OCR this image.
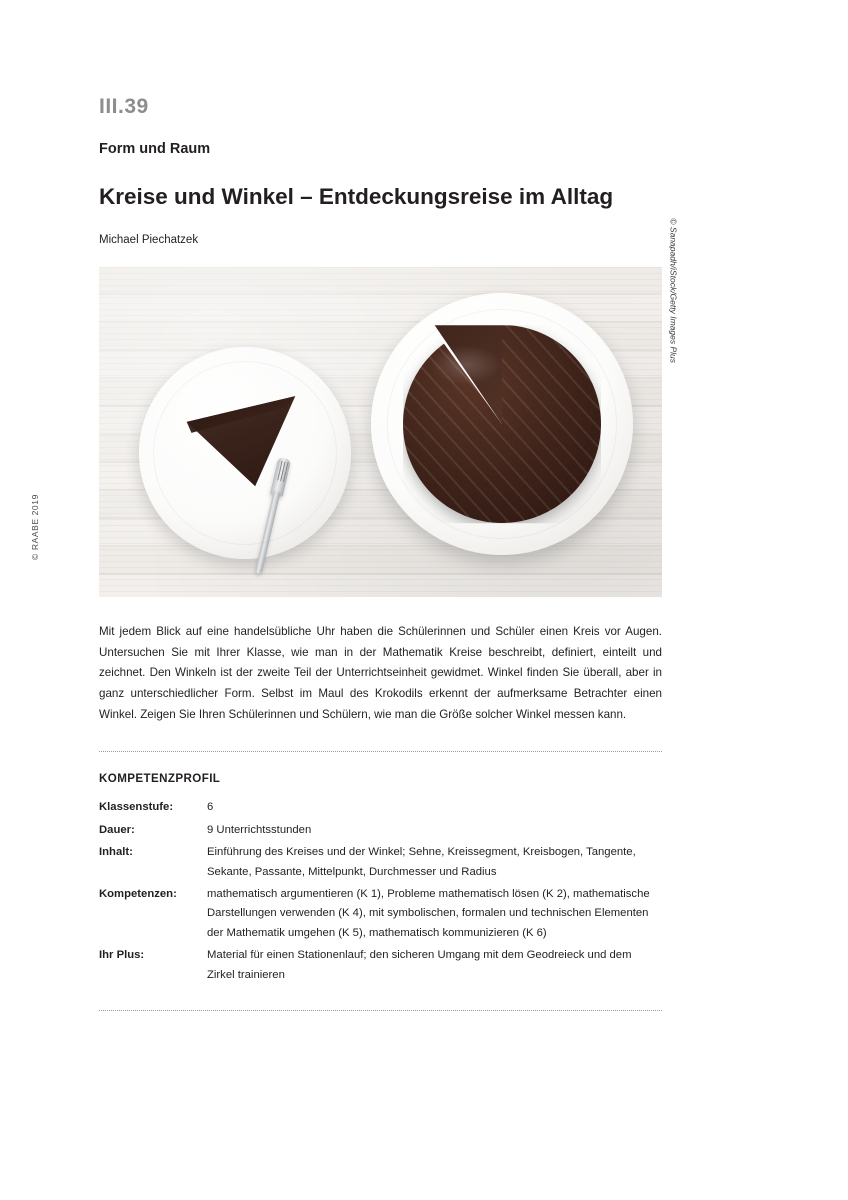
© RAABE 2019
III.39
Form und Raum
Kreise und Winkel – Entdeckungsreise im Alltag
Michael Piechatzek	© Sanapadh/iStock/Getty Images Plus

Mit jedem Blick auf eine handelsübliche Uhr haben die Schülerinnen und Schüler einen Kreis vor Augen. Untersuchen Sie mit Ihrer Klasse, wie man in der Mathematik Kreise beschreibt, definiert, einteilt und zeichnet. Den Winkeln ist der zweite Teil der Unterrichtseinheit gewidmet. Winkel finden Sie überall, aber in ganz unterschiedlicher Form. Selbst im Maul des Krokodils erkennt der aufmerksame Betrachter einen Winkel. Zeigen Sie Ihren Schülerinnen und Schülern, wie man die Größe solcher Winkel messen kann.

KOMPETENZPROFIL
Klassenstufe:	6
Dauer:	9 Unterrichtsstunden
Inhalt:	Einführung des Kreises und der Winkel; Sehne, Kreissegment, Kreisbogen, Tangente, Sekante, Passante, Mittelpunkt, Durchmesser und Radius
Kompetenzen:	mathematisch argumentieren (K 1), Probleme mathematisch lösen (K 2), mathematische Darstellungen verwenden (K 4), mit symbolischen, formalen und technischen Elementen der Mathematik umgehen (K 5), mathematisch kommunizieren (K 6)
Ihr Plus:	Material für einen Stationenlauf; den sicheren Umgang mit dem Geodreieck und dem Zirkel trainieren
